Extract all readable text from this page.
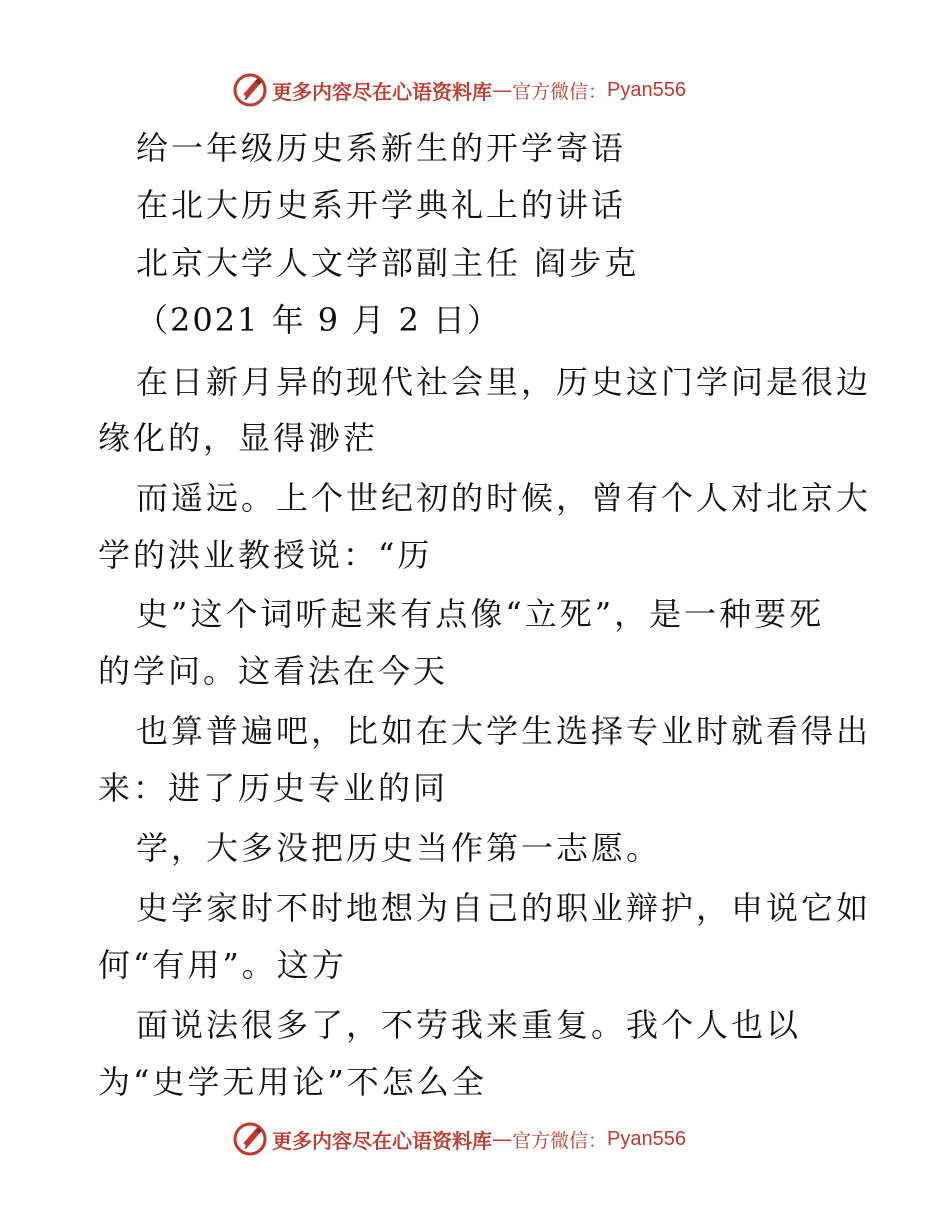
更多内容尽在心语资料库 — 官方微信： Pyan556
给一年级历史系新生的开学寄语
在北大历史系开学典礼上的讲话
北京大学人文学部副主任 阎步克
（2021 年 9 月 2 日）
在日新月异的现代社会里，历史这门学问是很边
缘化的，显得渺茫
而遥远。上个世纪初的时候，曾有个人对北京大
学的洪业教授说：“历
史”这个词听起来有点像“立死”，是一种要死
的学问。这看法在今天
也算普遍吧，比如在大学生选择专业时就看得出
来：进了历史专业的同
学，大多没把历史当作第一志愿。
史学家时不时地想为自己的职业辩护，申说它如
何“有用”。这方
面说法很多了，不劳我来重复。我个人也以
为“史学无用论”不怎么全
更多内容尽在心语资料库 — 官方微信： Pyan556
